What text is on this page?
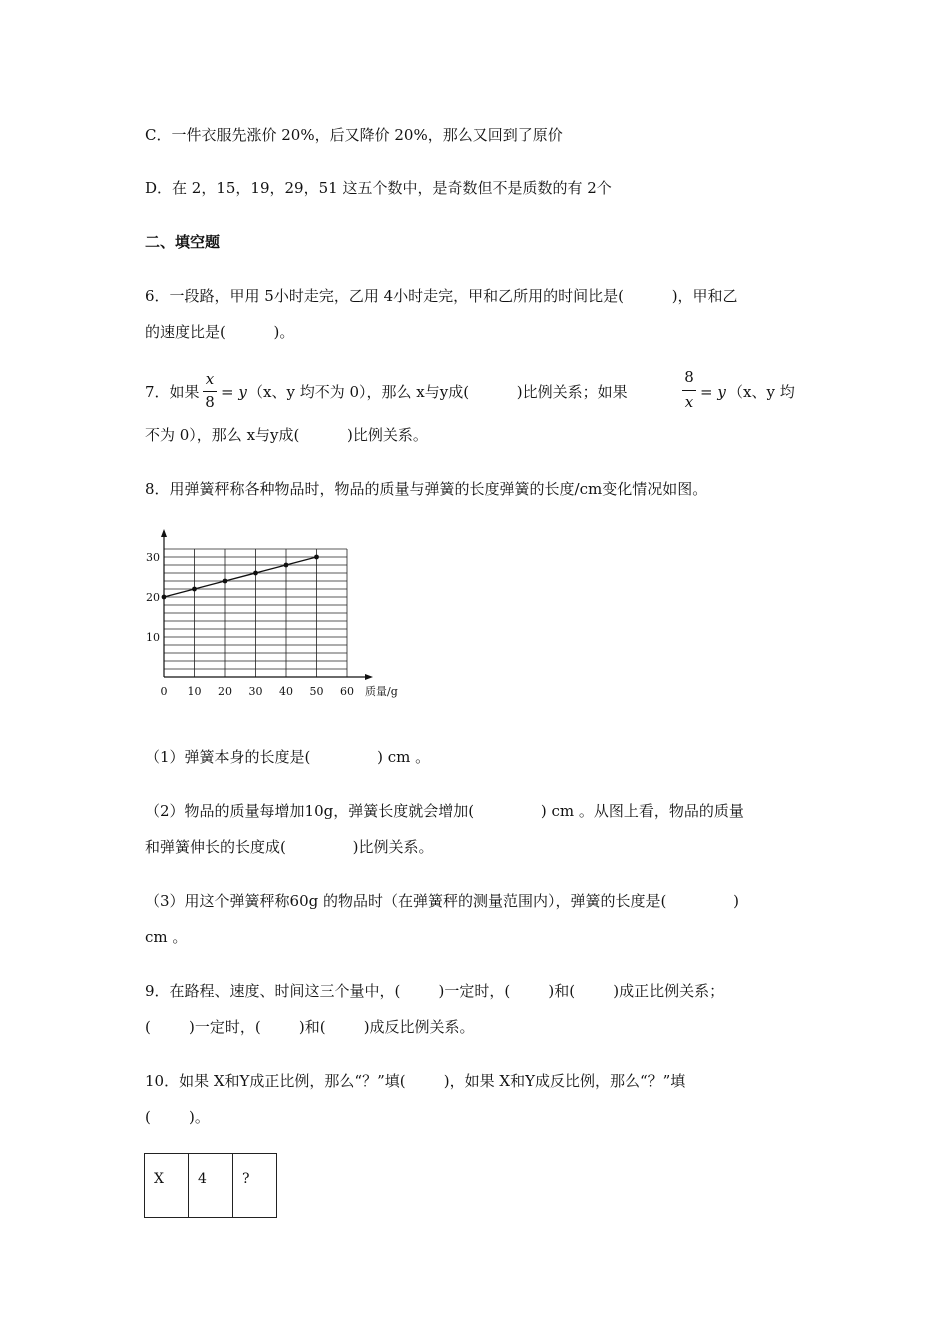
C．一件衣服先涨价 20%，后又降价 20%，那么又回到了原价
D．在 2，15，19，29，51 这五个数中，是奇数但不是质数的有 2个
二、填空题
6．一段路，甲用 5小时走完，乙用 4小时走完，甲和乙所用的时间比是(          )，甲和乙
的速度比是(          )。
7．如果
x
8
= y （x、y 均不为 0），那么 x与y成(          )比例关系；如果
8
x
= y （x、y 均
不为 0），那么 x与y成(          )比例关系。
8．用弹簧秤称各种物品时，物品的质量与弹簧的长度弹簧的长度/cm变化情况如图。
0 10 20 30 40 50 60
10
20
30
质量/g
（1）弹簧本身的长度是(              ) cm 。
（2）物品的质量每增加10g，弹簧长度就会增加(              ) cm 。从图上看，物品的质量
和弹簧伸长的长度成(              )比例关系。
（3）用这个弹簧秤称60g 的物品时（在弹簧秤的测量范围内），弹簧的长度是(              )
cm 。
9．在路程、速度、时间这三个量中，(        )一定时，(        )和(        )成正比例关系；
(        )一定时，(        )和(        )成反比例关系。
10．如果 X和Y成正比例，那么“？”填(        )，如果 X和Y成反比例，那么“？”填
(        )。
X	4	?
